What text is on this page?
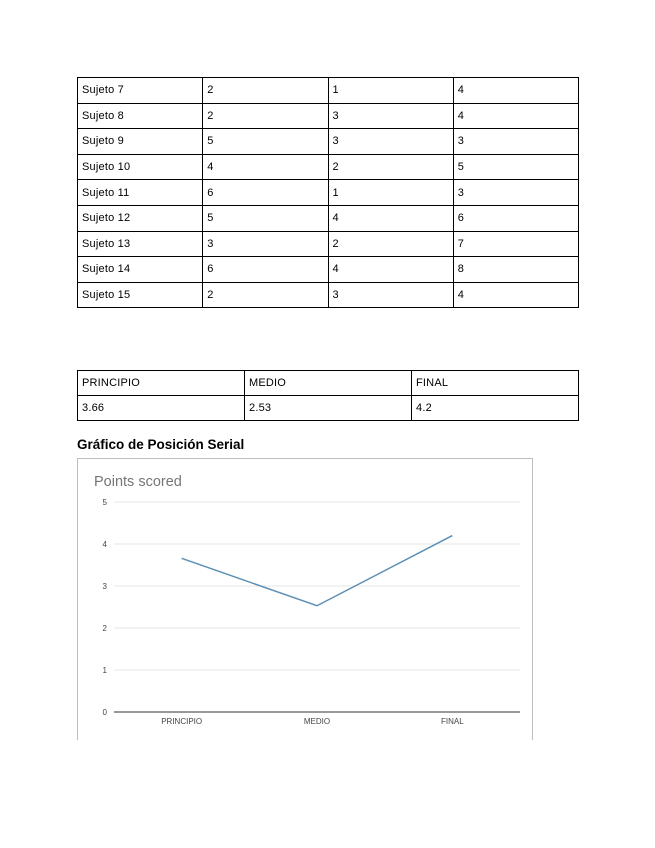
Sujeto 7	2	1	4
Sujeto 8	2	3	4
Sujeto 9	5	3	3
Sujeto 10	4	2	5
Sujeto 11	6	1	3
Sujeto 12	5	4	6
Sujeto 13	3	2	7
Sujeto 14	6	4	8
Sujeto 15	2	3	4
PRINCIPIO	MEDIO	FINAL
3.66	2.53	4.2
Gráfico de Posición Serial
Points scored
0
1
2
3
4
5
PRINCIPIO	MEDIO	FINAL
